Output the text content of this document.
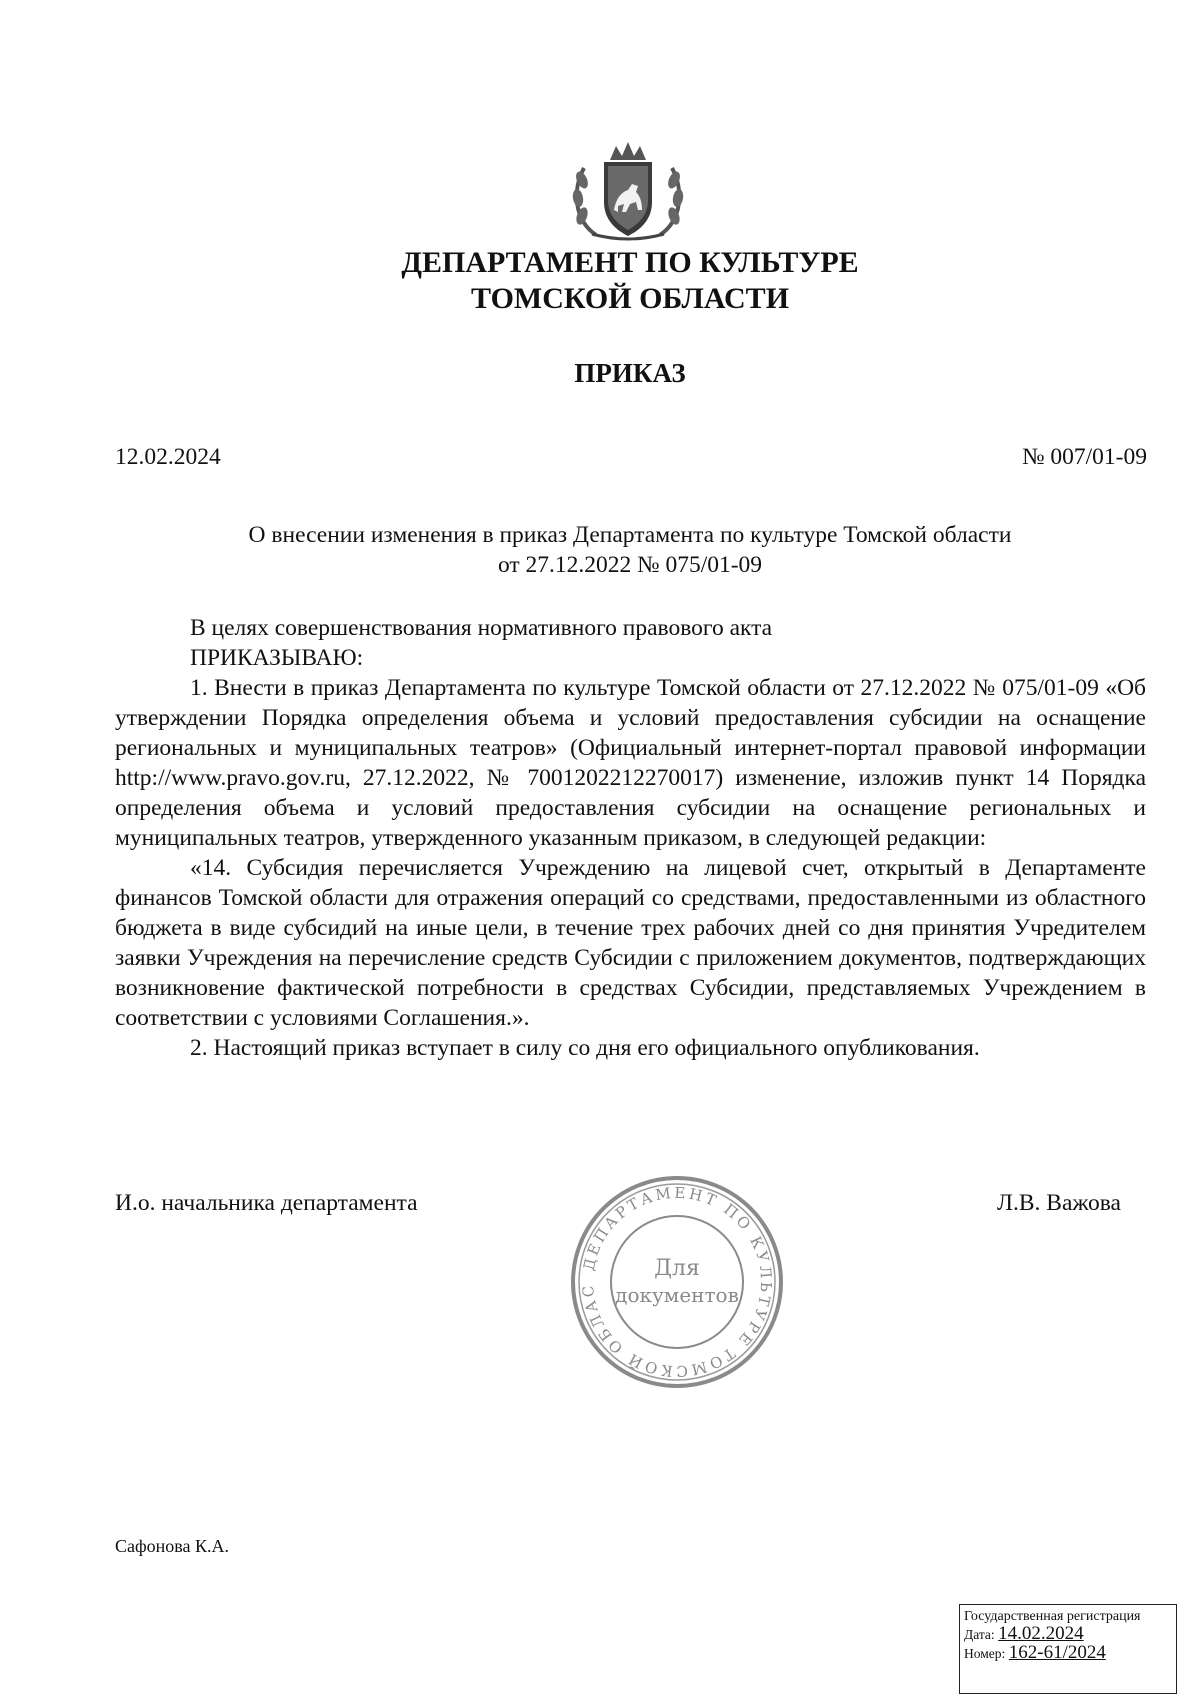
ДЕПАРТАМЕНТ ПО КУЛЬТУРЕ
ТОМСКОЙ ОБЛАСТИ
ПРИКАЗ
12.02.2024	№ 007/01-09
О внесении изменения в приказ Департамента по культуре Томской области
от 27.12.2022 № 075/01-09
В целях совершенствования нормативного правового акта
ПРИКАЗЫВАЮ:
1. Внести в приказ Департамента по культуре Томской области от 27.12.2022 № 075/01-09 «Об утверждении Порядка определения объема и условий предоставления субсидии на оснащение региональных и муниципальных театров» (Официальный интернет-портал правовой информации http://www.pravo.gov.ru, 27.12.2022, № 7001202212270017) изменение, изложив пункт 14 Порядка определения объема и условий предоставления субсидии на оснащение региональных и муниципальных театров, утвержденного указанным приказом, в следующей редакции:
«14. Субсидия перечисляется Учреждению на лицевой счет, открытый в Департаменте финансов Томской области для отражения операций со средствами, предоставленными из областного бюджета в виде субсидий на иные цели, в течение трех рабочих дней со дня принятия Учредителем заявки Учреждения на перечисление средств Субсидии с приложением документов, подтверждающих возникновение фактической потребности в средствах Субсидии, представляемых Учреждением в соответствии с условиями Соглашения.».
2. Настоящий приказ вступает в силу со дня его официального опубликования.
И.о. начальника департамента	Л.В. Важова
ДЕПАРТАМЕНТ ПО КУЛЬТУРЕ ТОМСКОЙ ОБЛАС
Для
документов
Сафонова К.А.
Государственная регистрация
Дата: 14.02.2024
Номер: 162-61/2024
